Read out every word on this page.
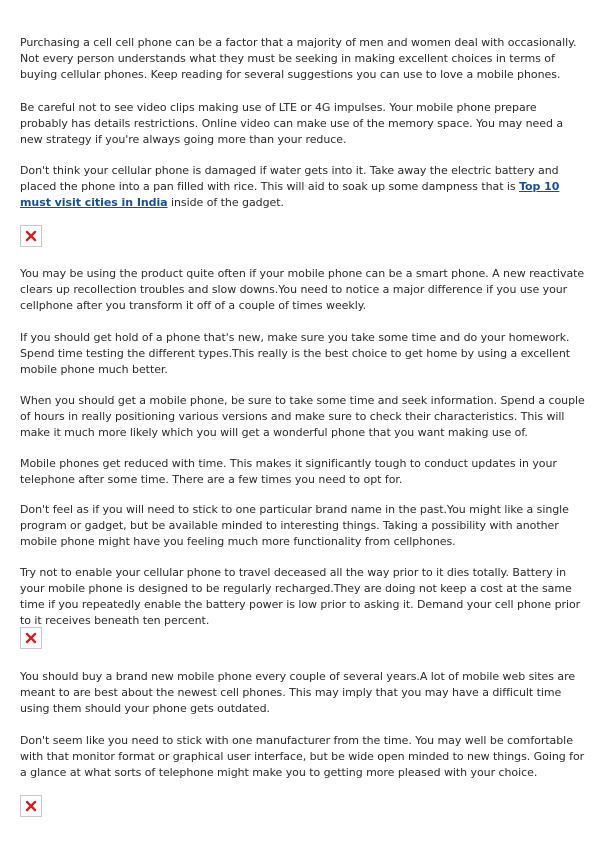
Purchasing a cell cell phone can be a factor that a majority of men and women deal with occasionally. Not every person understands what they must be seeking in making excellent choices in terms of buying cellular phones. Keep reading for several suggestions you can use to love a mobile phones.

Be careful not to see video clips making use of LTE or 4G impulses. Your mobile phone prepare probably has details restrictions. Online video can make use of the memory space. You may need a new strategy if you're always going more than your reduce.

Don't think your cellular phone is damaged if water gets into it. Take away the electric battery and placed the phone into a pan filled with rice. This will aid to soak up some dampness that is Top 10 must visit cities in India inside of the gadget.

You may be using the product quite often if your mobile phone can be a smart phone. A new reactivate clears up recollection troubles and slow downs.You need to notice a major difference if you use your cellphone after you transform it off of a couple of times weekly.

If you should get hold of a phone that's new, make sure you take some time and do your homework. Spend time testing the different types.This really is the best choice to get home by using a excellent mobile phone much better.

When you should get a mobile phone, be sure to take some time and seek information. Spend a couple of hours in really positioning various versions and make sure to check their characteristics. This will make it much more likely which you will get a wonderful phone that you want making use of.

Mobile phones get reduced with time. This makes it significantly tough to conduct updates in your telephone after some time. There are a few times you need to opt for.

Don't feel as if you will need to stick to one particular brand name in the past.You might like a single program or gadget, but be available minded to interesting things. Taking a possibility with another mobile phone might have you feeling much more functionality from cellphones.

Try not to enable your cellular phone to travel deceased all the way prior to it dies totally. Battery in your mobile phone is designed to be regularly recharged.They are doing not keep a cost at the same time if you repeatedly enable the battery power is low prior to asking it. Demand your cell phone prior to it receives beneath ten percent.

You should buy a brand new mobile phone every couple of several years.A lot of mobile web sites are meant to are best about the newest cell phones. This may imply that you may have a difficult time using them should your phone gets outdated.

Don't seem like you need to stick with one manufacturer from the time. You may well be comfortable with that monitor format or graphical user interface, but be wide open minded to new things. Going for a glance at what sorts of telephone might make you to getting more pleased with your choice.
